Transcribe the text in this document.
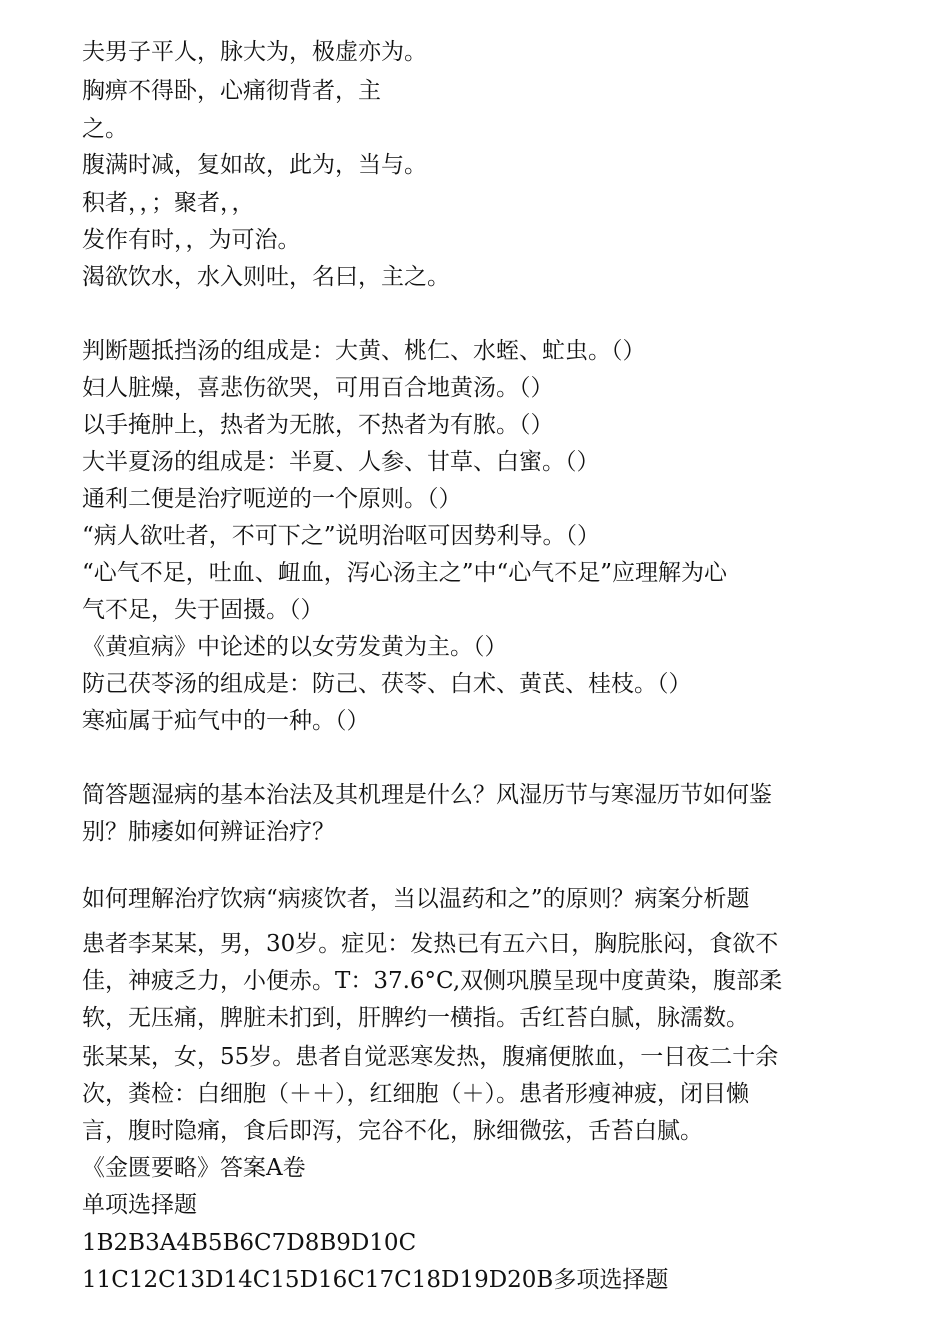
夫男子平人，脉大为，极虚亦为。
胸痹不得卧，心痛彻背者，主
之。
腹满时减，复如故，此为，当与。
积者，，；聚者，，
发作有时，，为可治。
渴欲饮水，水入则吐，名曰，主之。
判断题抵挡汤的组成是：大黄、桃仁、水蛭、虻虫。（）
妇人脏燥，喜悲伤欲哭，可用百合地黄汤。（）
以手掩肿上，热者为无脓，不热者为有脓。（）
大半夏汤的组成是：半夏、人参、甘草、白蜜。（）
通利二便是治疗呃逆的一个原则。（）
“病人欲吐者，不可下之”说明治呕可因势利导。（）
“心气不足，吐血、衄血，泻心汤主之”中“心气不足”应理解为心
气不足，失于固摄。（）
《黄疸病》中论述的以女劳发黄为主。（）
防己茯苓汤的组成是：防己、茯苓、白术、黄芪、桂枝。（）
寒疝属于疝气中的一种。（）
简答题湿病的基本治法及其机理是什么？风湿历节与寒湿历节如何鉴
别？肺痿如何辨证治疗？
如何理解治疗饮病“病痰饮者，当以温药和之”的原则？病案分析题
患者李某某，男，30岁。症见：发热已有五六日，胸脘胀闷，食欲不
佳，神疲乏力，小便赤。T：37.6°C,双侧巩膜呈现中度黄染，腹部柔
软，无压痛，脾脏未扪到，肝脾约一横指。舌红苔白腻，脉濡数。
张某某，女，55岁。患者自觉恶寒发热，腹痛便脓血，一日夜二十余
次，粪检：白细胞（＋＋），红细胞（＋）。患者形瘦神疲，闭目懒
言，腹时隐痛，食后即泻，完谷不化，脉细微弦，舌苔白腻。
《金匮要略》答案A卷
单项选择题
1B2B3A4B5B6C7D8B9D10C
11C12C13D14C15D16C17C18D19D20B多项选择题
